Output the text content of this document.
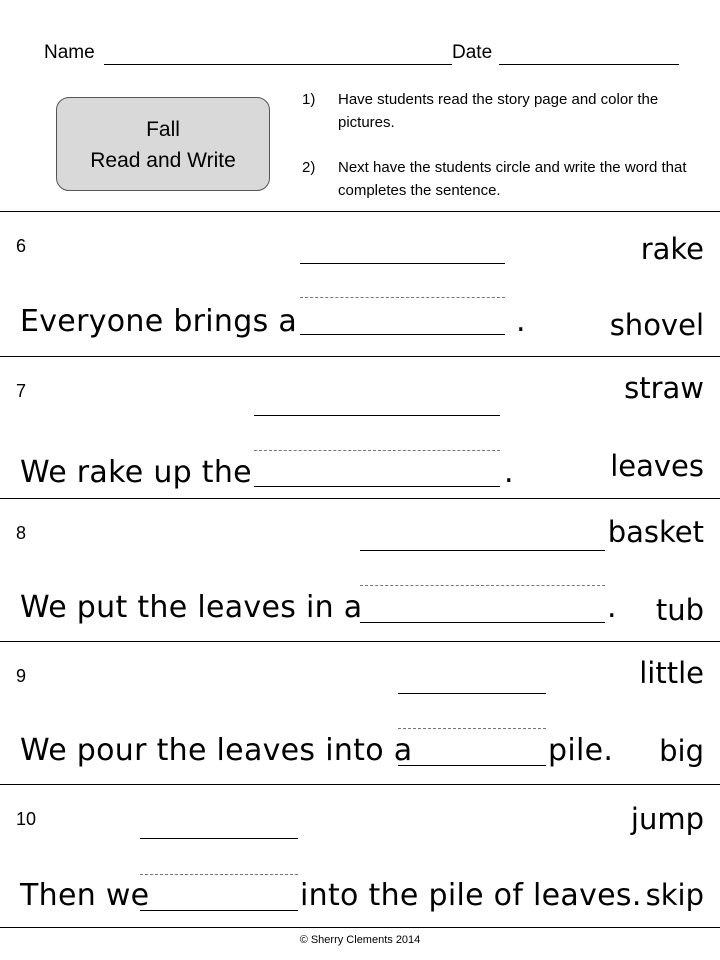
Name	Date
Fall
Read and Write
1) Have students read the story page and color the pictures.
2) Next have the students circle and write the word that completes the sentence.
6
Everyone brings a	.
rake
shovel
7
We rake up the	.
straw
leaves
8
We put the leaves in a	.
basket
tub
9
We pour the leaves into a	pile.
little
big
10
Then we	into the pile of leaves.
jump
skip
© Sherry Clements 2014
